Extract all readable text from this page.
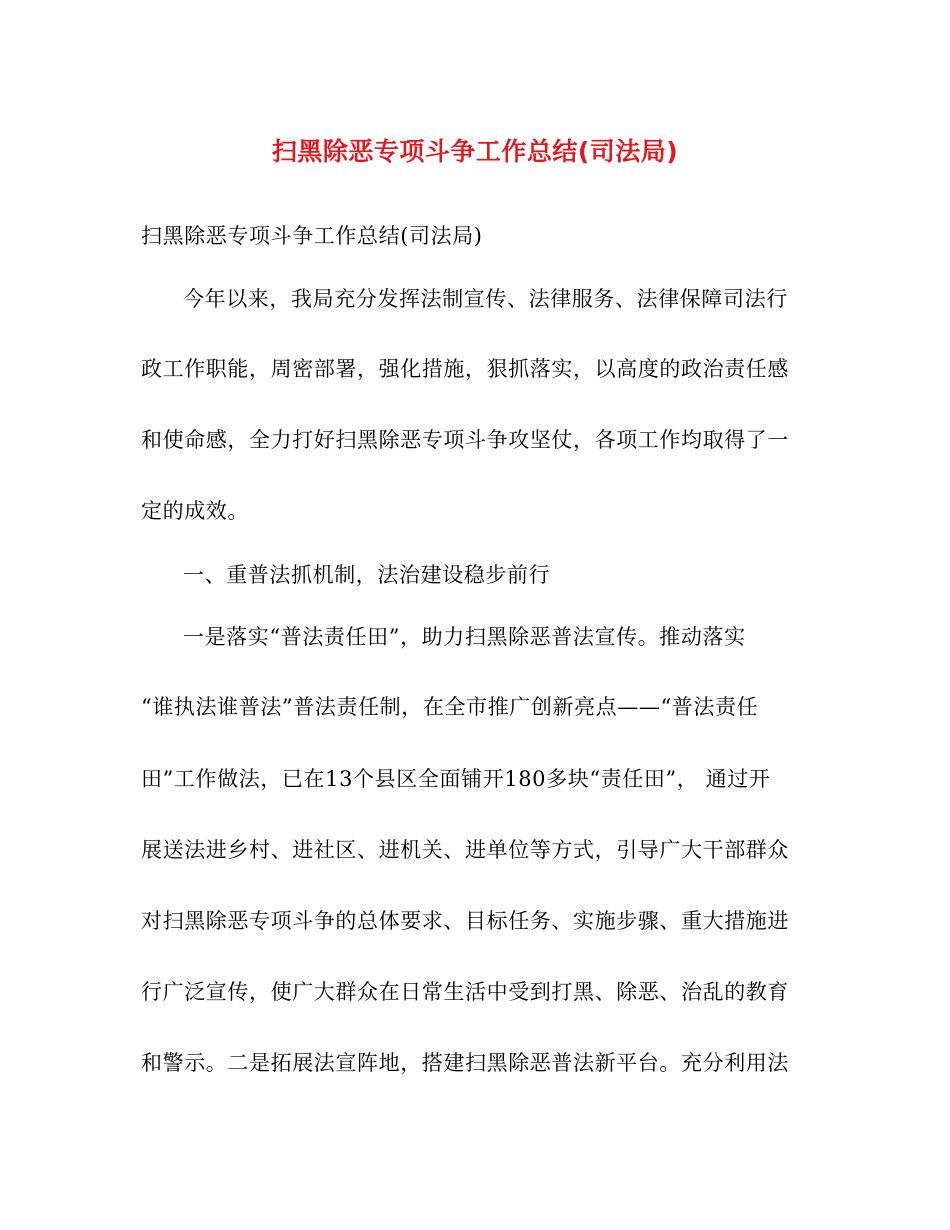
扫黑除恶专项斗争工作总结(司法局)
扫黑除恶专项斗争工作总结(司法局)
今年以来，我局充分发挥法制宣传、法律服务、法律保障司法行
政工作职能，周密部署，强化措施，狠抓落实，以高度的政治责任感
和使命感，全力打好扫黑除恶专项斗争攻坚仗，各项工作均取得了一
定的成效。
一、重普法抓机制，法治建设稳步前行
一是落实“普法责任田”，助力扫黑除恶普法宣传。推动落实
“谁执法谁普法”普法责任制，在全市推广创新亮点——“普法责任
田”工作做法，已在13个县区全面铺开180多块“责任田”， 通过开
展送法进乡村、进社区、进机关、进单位等方式，引导广大干部群众
对扫黑除恶专项斗争的总体要求、目标任务、实施步骤、重大措施进
行广泛宣传，使广大群众在日常生活中受到打黑、除恶、治乱的教育
和警示。二是拓展法宣阵地，搭建扫黑除恶普法新平台。充分利用法
